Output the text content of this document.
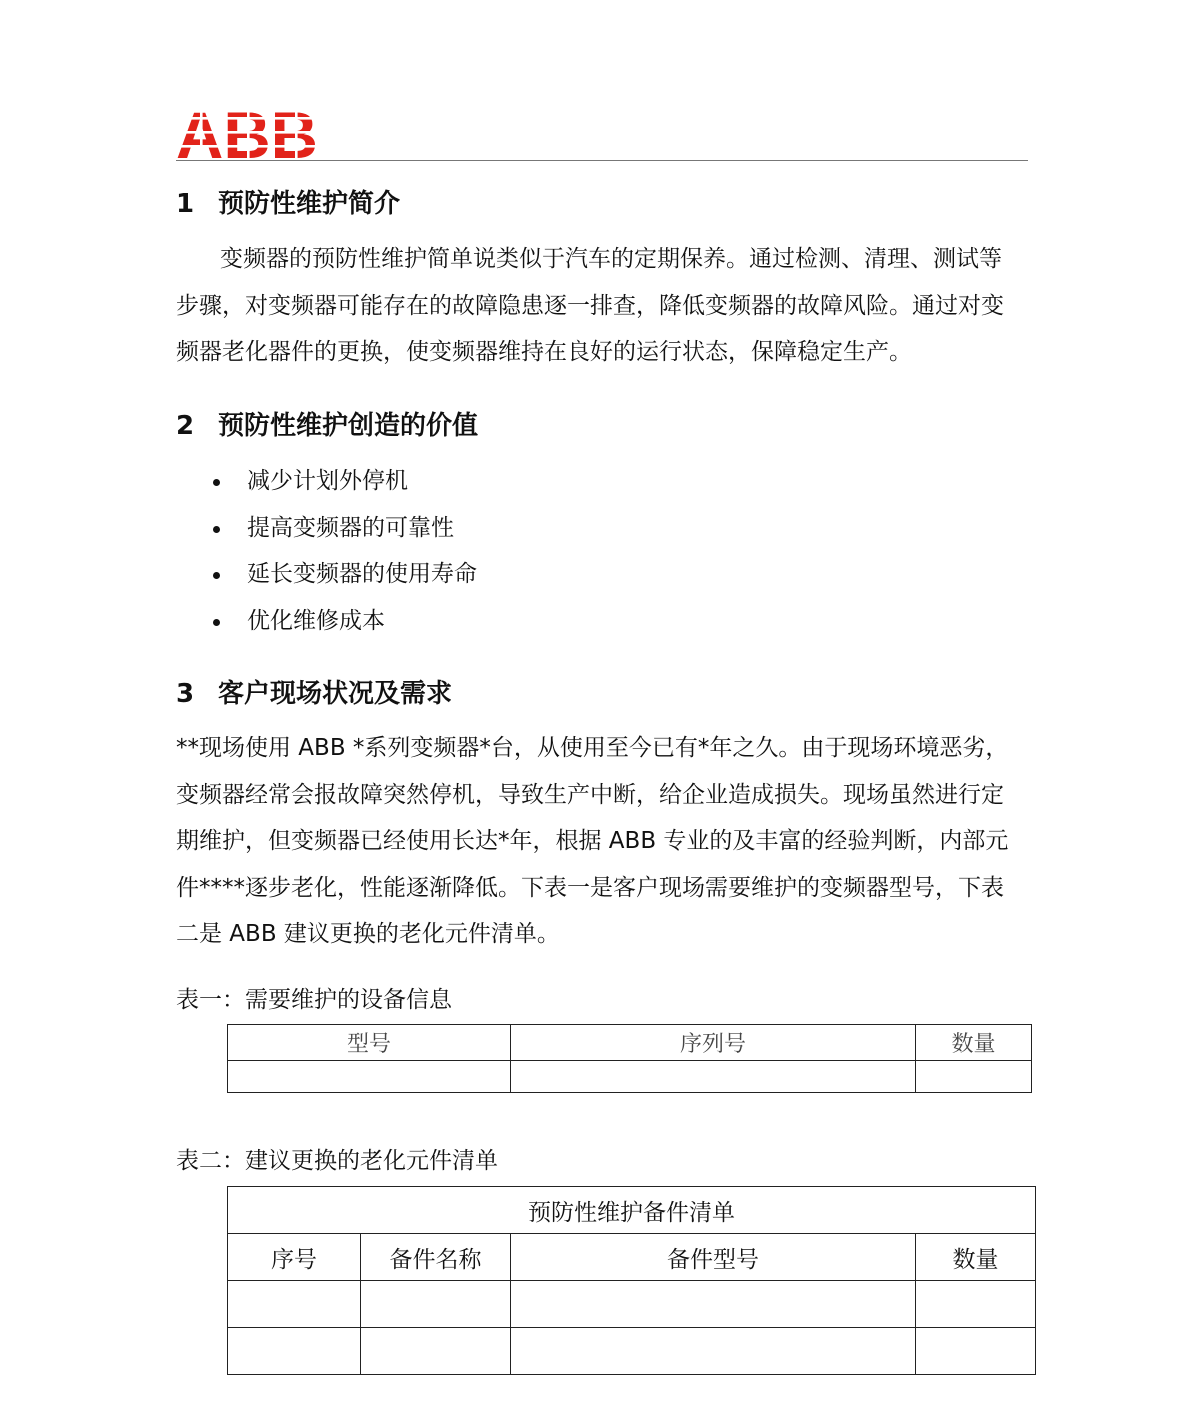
1 预防性维护简介
变频器的预防性维护简单说类似于汽车的定期保养。通过检测、清理、测试等
步骤，对变频器可能存在的故障隐患逐一排查，降低变频器的故障风险。通过对变
频器老化器件的更换，使变频器维持在良好的运行状态，保障稳定生产。
2 预防性维护创造的价值
减少计划外停机
提高变频器的可靠性
延长变频器的使用寿命
优化维修成本
3 客户现场状况及需求
**现场使用 ABB *系列变频器*台，从使用至今已有*年之久。由于现场环境恶劣，
变频器经常会报故障突然停机，导致生产中断，给企业造成损失。现场虽然进行定
期维护，但变频器已经使用长达*年，根据 ABB 专业的及丰富的经验判断，内部元
件****逐步老化，性能逐渐降低。下表一是客户现场需要维护的变频器型号，下表
二是 ABB 建议更换的老化元件清单。
表一：需要维护的设备信息
型号	序列号	数量

表二：建议更换的老化元件清单
预防性维护备件清单			
序号	备件名称	备件型号	数量
